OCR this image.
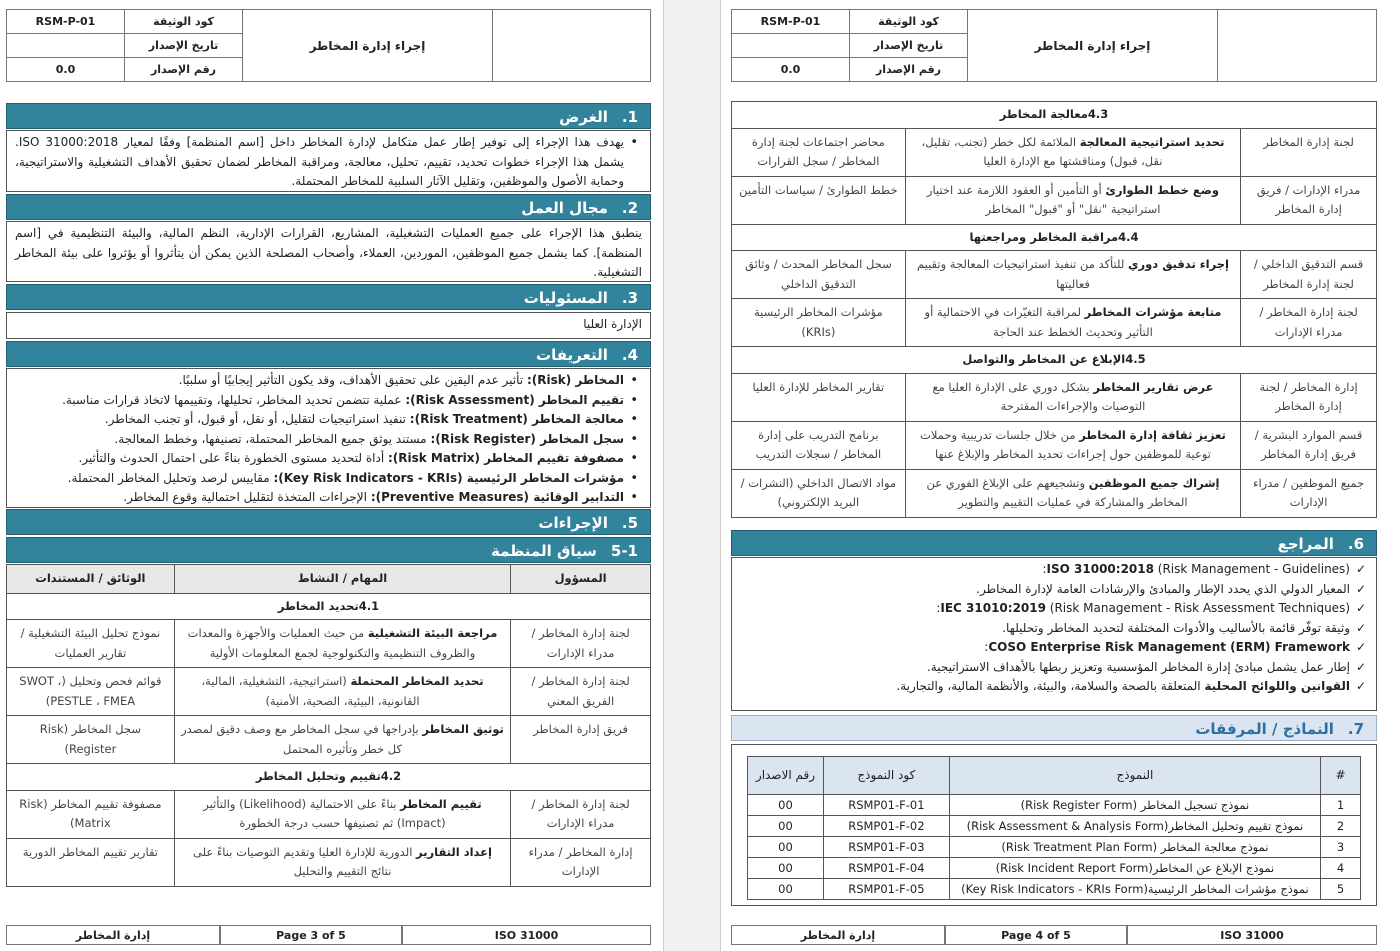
RSM-P-01	كود الوثيقة	إجراء إدارة المخاطر	
	تاريخ الإصدار		
0.0	رقم الإصدار		
1.الغرض
• يهدف هذا الإجراء إلى توفير إطار عمل متكامل لإدارة المخاطر داخل [اسم المنظمة] وفقًا لمعيار ISO 31000:2018. يشمل هذا الإجراء خطوات تحديد، تقييم، تحليل، معالجة، ومراقبة المخاطر لضمان تحقيق الأهداف التشغيلية والاستراتيجية، وحماية الأصول والموظفين، وتقليل الآثار السلبية للمخاطر المحتملة.
2.مجال العمل
ينطبق هذا الإجراء على جميع العمليات التشغيلية، المشاريع، القرارات الإدارية، النظم المالية، والبيئة التنظيمية في [اسم المنظمة]. كما يشمل جميع الموظفين، الموردين، العملاء، وأصحاب المصلحة الذين يمكن أن يتأثروا أو يؤثروا على بيئة المخاطر التشغيلية.
3.المسئوليات
الإدارة العليا
4.التعريفات
• المخاطر (Risk): تأثير عدم اليقين على تحقيق الأهداف، وقد يكون التأثير إيجابيًا أو سلبيًا.
• تقييم المخاطر (Risk Assessment): عملية تتضمن تحديد المخاطر، تحليلها، وتقييمها لاتخاذ قرارات مناسبة.
• معالجة المخاطر (Risk Treatment): تنفيذ استراتيجيات لتقليل، أو نقل، أو قبول، أو تجنب المخاطر.
• سجل المخاطر (Risk Register): مستند يوثق جميع المخاطر المحتملة، تصنيفها، وخطط المعالجة.
• مصفوفة تقييم المخاطر (Risk Matrix): أداة لتحديد مستوى الخطورة بناءً على احتمال الحدوث والتأثير.
• مؤشرات المخاطر الرئيسية (Key Risk Indicators - KRIs): مقاييس لرصد وتحليل المخاطر المحتملة.
• التدابير الوقائية (Preventive Measures): الإجراءات المتخذة لتقليل احتمالية وقوع المخاطر.
5.الإجراءات
5-1سياق المنظمة
المسؤول	المهام / النشاط	الوثائق / المستندات
4.1تحديد المخاطر		
لجنة إدارة المخاطر / مدراء الإدارات	مراجعة البيئة التشغيلية من حيث العمليات والأجهزة والمعدات والظروف التنظيمية والتكنولوجية لجمع المعلومات الأولية	نموذج تحليل البيئة التشغيلية / تقارير العمليات
لجنة إدارة المخاطر / الفريق المعني	تحديد المخاطر المحتملة (استراتيجية، التشغيلية، المالية، القانونية، البيئية، الصحية، الأمنية)	قوائم فحص وتحليل (SWOT ، PESTLE ، FMEA)
فريق إدارة المخاطر	توثيق المخاطر بإدراجها في سجل المخاطر مع وصف دقيق لمصدر كل خطر وتأثيره المحتمل	سجل المخاطر (Risk Register)
4.2تقييم وتحليل المخاطر		
لجنة إدارة المخاطر / مدراء الإدارات	تقييم المخاطر بناءً على الاحتمالية (Likelihood) والتأثير (Impact) ثم تصنيفها حسب درجة الخطورة	مصفوفة تقييم المخاطر (Risk Matrix)
إدارة المخاطر / مدراء الإدارات	إعداد التقارير الدورية للإدارة العليا وتقديم التوصيات بناءً على نتائج التقييم والتحليل	تقارير تقييم المخاطر الدورية
إدارة المخاطر	Page 3 of 5	ISO 31000
RSM-P-01	كود الوثيقة	إجراء إدارة المخاطر	
	تاريخ الإصدار		
0.0	رقم الإصدار		
4.3معالجة المخاطر		
لجنة إدارة المخاطر	تحديد استراتيجية المعالجة الملائمة لكل خطر (تجنب، تقليل، نقل، قبول) ومناقشتها مع الإدارة العليا	محاضر اجتماعات لجنة إدارة المخاطر / سجل القرارات
مدراء الإدارات / فريق إدارة المخاطر	وضع خطط الطوارئ أو التأمين أو العقود اللازمة عند اختيار استراتيجية "نقل" أو "قبول" المخاطر	خطط الطوارئ / سياسات التأمين
4.4مراقبة المخاطر ومراجعتها		
قسم التدقيق الداخلي / لجنة إدارة المخاطر	إجراء تدقيق دوري للتأكد من تنفيذ استراتيجيات المعالجة وتقييم فعاليتها	سجل المخاطر المحدث / وثائق التدقيق الداخلي
لجنة إدارة المخاطر / مدراء الإدارات	متابعة مؤشرات المخاطر لمراقبة التغيّرات في الاحتمالية أو التأثير وتحديث الخطط عند الحاجة	مؤشرات المخاطر الرئيسية (KRIs)
4.5الإبلاغ عن المخاطر والتواصل		
إدارة المخاطر / لجنة إدارة المخاطر	عرض تقارير المخاطر بشكل دوري على الإدارة العليا مع التوصيات والإجراءات المقترحة	تقارير المخاطر للإدارة العليا
قسم الموارد البشرية / فريق إدارة المخاطر	تعزيز ثقافة إدارة المخاطر من خلال جلسات تدريبية وحملات توعية للموظفين حول إجراءات تحديد المخاطر والإبلاغ عنها	برنامج التدريب على إدارة المخاطر / سجلات التدريب
جميع الموظفين / مدراء الإدارات	إشراك جميع الموظفين وتشجيعهم على الإبلاغ الفوري عن المخاطر والمشاركة في عمليات التقييم والتطوير	مواد الاتصال الداخلي (النشرات / البريد الإلكتروني)
6.المراجع
✓ ISO 31000:2018 (Risk Management - Guidelines):
✓ المعيار الدولي الذي يحدد الإطار والمبادئ والإرشادات العامة لإدارة المخاطر.
✓ IEC 31010:2019 (Risk Management - Risk Assessment Techniques):
✓ وثيقة توفّر قائمة بالأساليب والأدوات المختلفة لتحديد المخاطر وتحليلها.
✓ COSO Enterprise Risk Management (ERM) Framework:
✓ إطار عمل يشمل مبادئ إدارة المخاطر المؤسسية وتعزيز ربطها بالأهداف الاستراتيجية.
✓ القوانين واللوائح المحلية المتعلقة بالصحة والسلامة، والبيئة، والأنظمة المالية، والتجارية.
7.النماذج / المرفقات
#	النموذج	كود النموذج	رقم الاصدار
1	نموذج تسجيل المخاطر (Risk Register Form)	RSMP01-F-01	00
2	نموذج تقييم وتحليل المخاطر(Risk Assessment & Analysis Form)	RSMP01-F-02	00
3	نموذج معالجة المخاطر (Risk Treatment Plan Form)	RSMP01-F-03	00
4	نموذج الإبلاغ عن المخاطر(Risk Incident Report Form)	RSMP01-F-04	00
5	نموذج مؤشرات المخاطر الرئيسية(Key Risk Indicators - KRIs Form)	RSMP01-F-05	00
إدارة المخاطر	Page 4 of 5	ISO 31000
